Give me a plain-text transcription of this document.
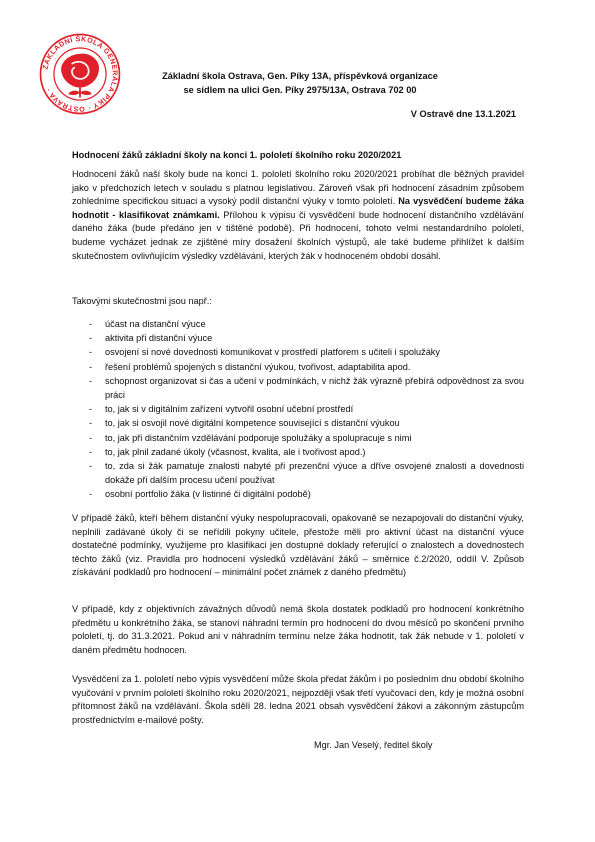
ZÁKLADNÍ ŠKOLA GENERÁLA PÍKY · OSTRAVA ·
Základní škola Ostrava, Gen. Píky 13A, příspěvková organizace
se sídlem na ulici Gen. Píky 2975/13A, Ostrava 702 00
V Ostravě dne 13.1.2021
Hodnocení žáků základní školy na konci 1. pololetí školního roku 2020/2021

Hodnocení žáků naší školy bude na konci 1. pololetí školního roku 2020/2021 probíhat dle běžných pravidel jako v předchozích letech v souladu s platnou legislativou. Zároveň však při hodnocení zásadním způsobem zohledníme specifickou situaci a vysoký podíl distanční výuky v tomto pololetí. Na vysvědčení budeme žáka hodnotit - klasifikovat známkami. Přílohou k výpisu či vysvědčení bude hodnocení distančního vzdělávání daného žáka (bude předáno jen v tištěné podobě). Při hodnocení, tohoto velmi nestandardního pololetí, budeme vycházet jednak ze zjištěné míry dosažení školních výstupů, ale také budeme přihlížet k dalším skutečnostem ovlivňujícím výsledky vzdělávání, kterých žák v hodnoceném období dosáhl.

Takovými skutečnostmi jsou např.:
- účast na distanční výuce
- aktivita při distanční výuce
- osvojení si nové dovednosti komunikovat v prostředí platforem s učiteli i spolužáky
- řešení problémů spojených s distanční výukou, tvořivost, adaptabilita apod.
- schopnost organizovat si čas a učení v podmínkách, v nichž žák výrazně přebírá odpovědnost za svou práci
- to, jak si v digitálním zařízení vytvořil osobní učební prostředí
- to, jak si osvojil nové digitální kompetence související s distanční výukou
- to, jak při distančním vzdělávání podporuje spolužáky a spolupracuje s nimi
- to, jak plnil zadané úkoly (včasnost, kvalita, ale i tvořivost apod.)
- to, zda si žák pamatuje znalosti nabyté při prezenční výuce a dříve osvojené znalosti a dovednosti dokáže při dalším procesu učení používat
- osobní portfolio žáka (v listinné či digitální podobě)

V případě žáků, kteří během distanční výuky nespolupracovali, opakovaně se nezapojovali do distanční výuky, neplnili zadávané úkoly či se neřídili pokyny učitele, přestože měli pro aktivní účast na distanční výuce dostatečné podmínky, využijeme pro klasifikaci jen dostupné doklady referující o znalostech a dovednostech těchto žáků (viz. Pravidla pro hodnocení výsledků vzdělávání žáků – směrnice č.2/2020, oddíl V. Způsob získávání podkladů pro hodnocení – minimální počet známek z daného předmětu)

V případě, kdy z objektivních závažných důvodů nemá škola dostatek podkladů pro hodnocení konkrétního předmětu u konkrétního žáka, se stanoví náhradní termín pro hodnocení do dvou měsíců po skončení prvního pololetí, tj. do 31.3.2021. Pokud ani v náhradním termínu nelze žáka hodnotit, tak žák nebude v 1. pololetí v daném předmětu hodnocen.

Vysvědčení za 1. pololetí nebo výpis vysvědčení může škola předat žákům i po posledním dnu období školního vyučování v prvním pololetí školního roku 2020/2021, nejpozději však třetí vyučovací den, kdy je možná osobní přítomnost žáků na vzdělávání. Škola sdělí 28. ledna 2021 obsah vysvědčení žákovi a zákonným zástupcům prostřednictvím e-mailové pošty.

Mgr. Jan Veselý, ředitel školy
